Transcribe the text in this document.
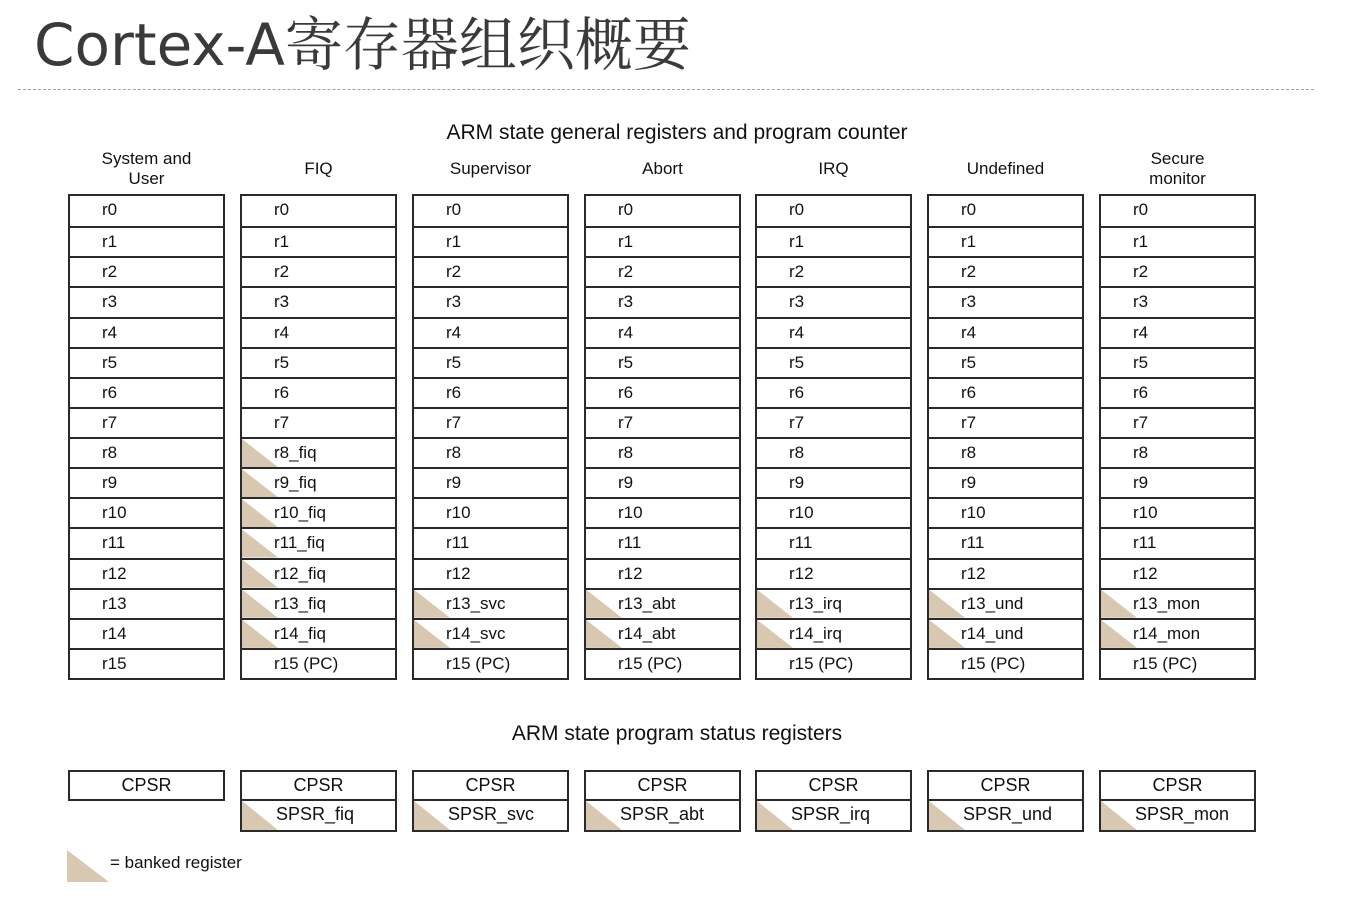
Cortex-A寄存器组织概要
ARM state general registers and program counter
ARM state program status registers
System and
User
r0
r1
r2
r3
r4
r5
r6
r7
r8
r9
r10
r11
r12
r13
r14
r15
CPSR
FIQ
r0
r1
r2
r3
r4
r5
r6
r7
r8_fiq
r9_fiq
r10_fiq
r11_fiq
r12_fiq
r13_fiq
r14_fiq
r15 (PC)
CPSR
SPSR_fiq
Supervisor
r0
r1
r2
r3
r4
r5
r6
r7
r8
r9
r10
r11
r12
r13_svc
r14_svc
r15 (PC)
CPSR
SPSR_svc
Abort
r0
r1
r2
r3
r4
r5
r6
r7
r8
r9
r10
r11
r12
r13_abt
r14_abt
r15 (PC)
CPSR
SPSR_abt
IRQ
r0
r1
r2
r3
r4
r5
r6
r7
r8
r9
r10
r11
r12
r13_irq
r14_irq
r15 (PC)
CPSR
SPSR_irq
Undefined
r0
r1
r2
r3
r4
r5
r6
r7
r8
r9
r10
r11
r12
r13_und
r14_und
r15 (PC)
CPSR
SPSR_und
Secure
monitor
r0
r1
r2
r3
r4
r5
r6
r7
r8
r9
r10
r11
r12
r13_mon
r14_mon
r15 (PC)
CPSR
SPSR_mon
= banked register
